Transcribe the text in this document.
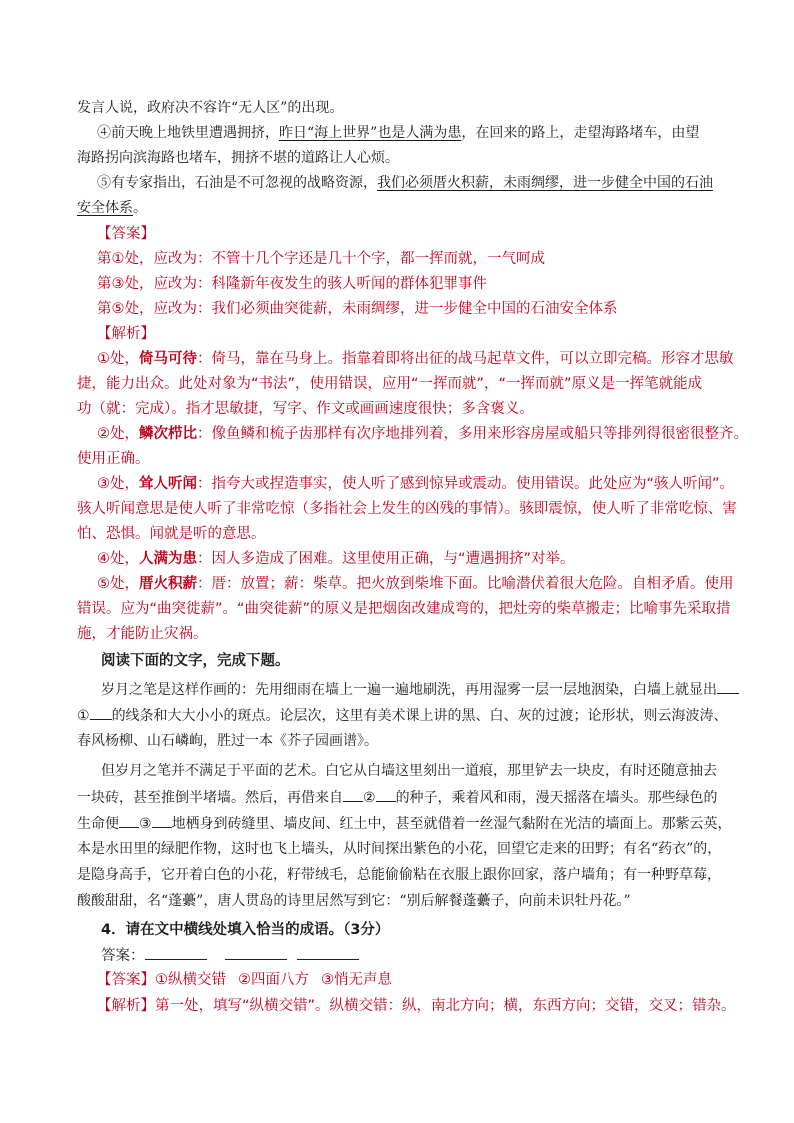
发言人说，政府决不容许“无人区”的出现。
④前天晚上地铁里遭遇拥挤，昨日“海上世界”也是人满为患，在回来的路上，走望海路堵车，由望
海路拐向滨海路也堵车，拥挤不堪的道路让人心烦。
⑤有专家指出，石油是不可忽视的战略资源，我们必须厝火积薪，未雨绸缪，进一步健全中国的石油
安全体系。
【答案】
第①处，应改为：不管十几个字还是几十个字，都一挥而就，一气呵成
第③处，应改为：科隆新年夜发生的骇人听闻的群体犯罪事件
第⑤处，应改为：我们必须曲突徙薪，未雨绸缪，进一步健全中国的石油安全体系
【解析】
①处，倚马可待：倚马，靠在马身上。指靠着即将出征的战马起草文件，可以立即完稿。形容才思敏
捷，能力出众。此处对象为“书法”，使用错误，应用“一挥而就”，“一挥而就”原义是一挥笔就能成
功（就：完成）。指才思敏捷，写字、作文或画画速度很快；多含褒义。
②处，鳞次栉比：像鱼鳞和梳子齿那样有次序地排列着，多用来形容房屋或船只等排列得很密很整齐。
使用正确。
③处，耸人听闻：指夸大或捏造事实，使人听了感到惊异或震动。使用错误。此处应为“骇人听闻”。
骇人听闻意思是使人听了非常吃惊（多指社会上发生的凶残的事情）。骇即震惊，使人听了非常吃惊、害
怕、恐惧。闻就是听的意思。
④处，人满为患：因人多造成了困难。这里使用正确，与“遭遇拥挤”对举。
⑤处，厝火积薪：厝：放置；薪：柴草。把火放到柴堆下面。比喻潜伏着很大危险。自相矛盾。使用
错误。应为“曲突徙薪”。“曲突徙薪”的原义是把烟囱改建成弯的，把灶旁的柴草搬走；比喻事先采取措
施，才能防止灾祸。
阅读下面的文字，完成下题。
岁月之笔是这样作画的：先用细雨在墙上一遍一遍地刷洗，再用湿雾一层一层地洇染，白墙上就显出
① 的线条和大大小小的斑点。论层次，这里有美术课上讲的黑、白、灰的过渡；论形状，则云海波涛、
春风杨柳、山石嶙峋，胜过一本《芥子园画谱》。
但岁月之笔并不满足于平面的艺术。白它从白墙这里刻出一道痕，那里铲去一块皮，有时还随意抽去
一块砖，甚至推倒半堵墙。然后，再借来自 ② 的种子，乘着风和雨，漫天摇落在墙头。那些绿色的
生命便 ③ 地栖身到砖缝里、墙皮间、红土中，甚至就借着一丝湿气黏附在光洁的墙面上。那紫云英，
本是水田里的绿肥作物，这时也飞上墙头，从时间探出紫色的小花，回望它走来的田野；有名“药衣”的，
是隐身高手，它开着白色的小花，籽带绒毛，总能偷偷粘在衣服上跟你回家，落户墙角；有一种野草莓，
酸酸甜甜，名“蓬虆”，唐人贯岛的诗里居然写到它：“别后解餐蓬虆子，向前未识牡丹花。”
4．请在文中横线处填入恰当的成语。（3分）
答案：
【答案】①纵横交错 ②四面八方 ③悄无声息
【解析】第一处，填写“纵横交错”。纵横交错：纵，南北方向；横，东西方向；交错，交叉；错杂。
